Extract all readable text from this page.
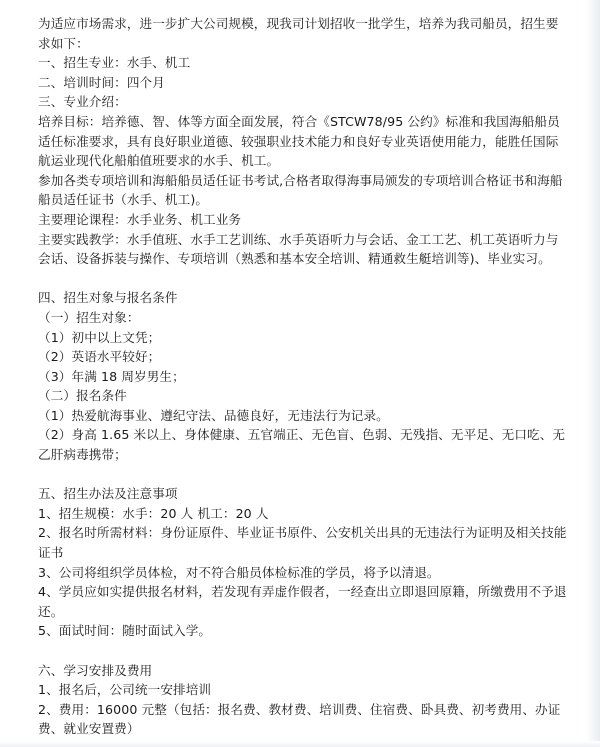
为适应市场需求，进一步扩大公司规模，现我司计划招收一批学生，培养为我司船员，招生要求如下：

一、招生专业：水手、机工

二、培训时间：四个月

三、专业介绍：

培养目标：培养德、智、体等方面全面发展，符合《STCW78/95 公约》标准和我国海船船员适任标准要求，具有良好职业道德、较强职业技术能力和良好专业英语使用能力，能胜任国际航运业现代化船舶值班要求的水手、机工。

参加各类专项培训和海船船员适任证书考试,合格者取得海事局颁发的专项培训合格证书和海船船员适任证书（水手、机工)。

主要理论课程：水手业务、机工业务

主要实践教学：水手值班、水手工艺训练、水手英语听力与会话、金工工艺、机工英语听力与会话、设备拆装与操作、专项培训（熟悉和基本安全培训、精通救生艇培训等)、毕业实习。

四、招生对象与报名条件

（一）招生对象：

（1）初中以上文凭；

（2）英语水平较好；

（3）年满 18 周岁男生；

（二）报名条件

（1）热爱航海事业、遵纪守法、品德良好，无违法行为记录。

（2）身高 1.65 米以上、身体健康、五官端正、无色盲、色弱、无残指、无平足、无口吃、无乙肝病毒携带；

五、招生办法及注意事项

1、招生规模：水手：20 人 机工：20 人

2、报名时所需材料：身份证原件、毕业证书原件、公安机关出具的无违法行为证明及相关技能证书

3、公司将组织学员体检，对不符合船员体检标准的学员，将予以清退。

4、学员应如实提供报名材料，若发现有弄虚作假者，一经查出立即退回原籍，所缴费用不予退还。

5、面试时间：随时面试入学。

六、学习安排及费用

1、报名后，公司统一安排培训

2、费用：16000 元整（包括：报名费、教材费、培训费、住宿费、卧具费、初考费用、办证费、就业安置费）
